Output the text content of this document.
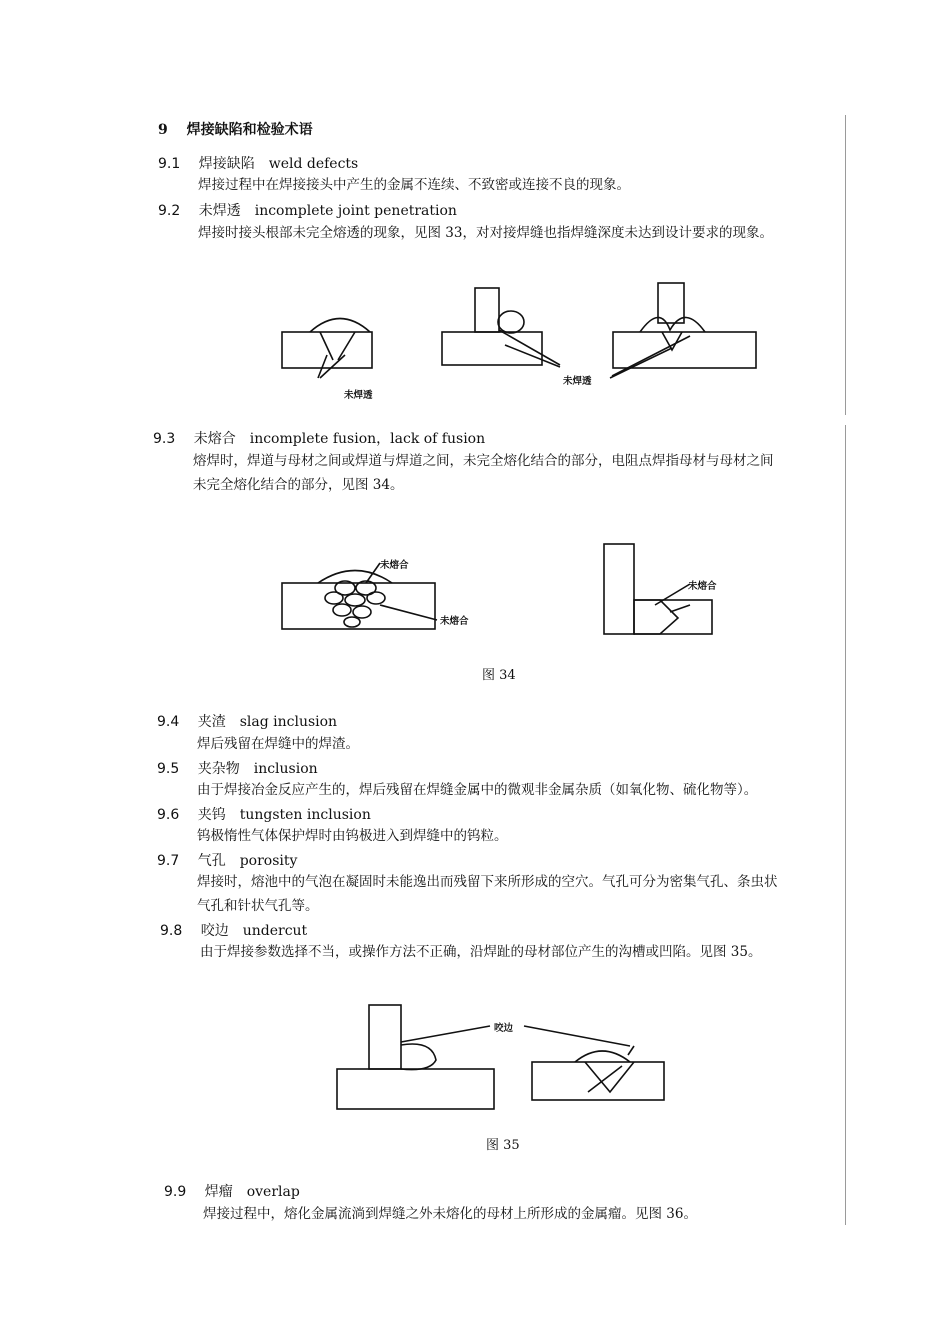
9 焊接缺陷和检验术语
9.1 焊接缺陷 weld defects
焊接过程中在焊接接头中产生的金属不连续、不致密或连接不良的现象。
9.2 未焊透 incomplete joint penetration
焊接时接头根部未完全熔透的现象，见图 33，对对接焊缝也指焊缝深度未达到设计要求的现象。
未焊透
未焊透
9.3 未熔合 incomplete fusion，lack of fusion
熔焊时，焊道与母材之间或焊道与焊道之间，未完全熔化结合的部分，电阻点焊指母材与母材之间
未完全熔化结合的部分，见图 34。
未熔合
未熔合
未熔合
图 34
9.4 夹渣 slag inclusion
焊后残留在焊缝中的焊渣。
9.5 夹杂物 inclusion
由于焊接冶金反应产生的，焊后残留在焊缝金属中的微观非金属杂质（如氧化物、硫化物等）。
9.6 夹钨 tungsten inclusion
钨极惰性气体保护焊时由钨极进入到焊缝中的钨粒。
9.7 气孔 porosity
焊接时，熔池中的气泡在凝固时未能逸出而残留下来所形成的空穴。气孔可分为密集气孔、条虫状
气孔和针状气孔等。
9.8 咬边 undercut
由于焊接参数选择不当，或操作方法不正确，沿焊趾的母材部位产生的沟槽或凹陷。见图 35。
咬边
图 35
9.9 焊瘤 overlap
焊接过程中，熔化金属流淌到焊缝之外未熔化的母材上所形成的金属瘤。见图 36。
